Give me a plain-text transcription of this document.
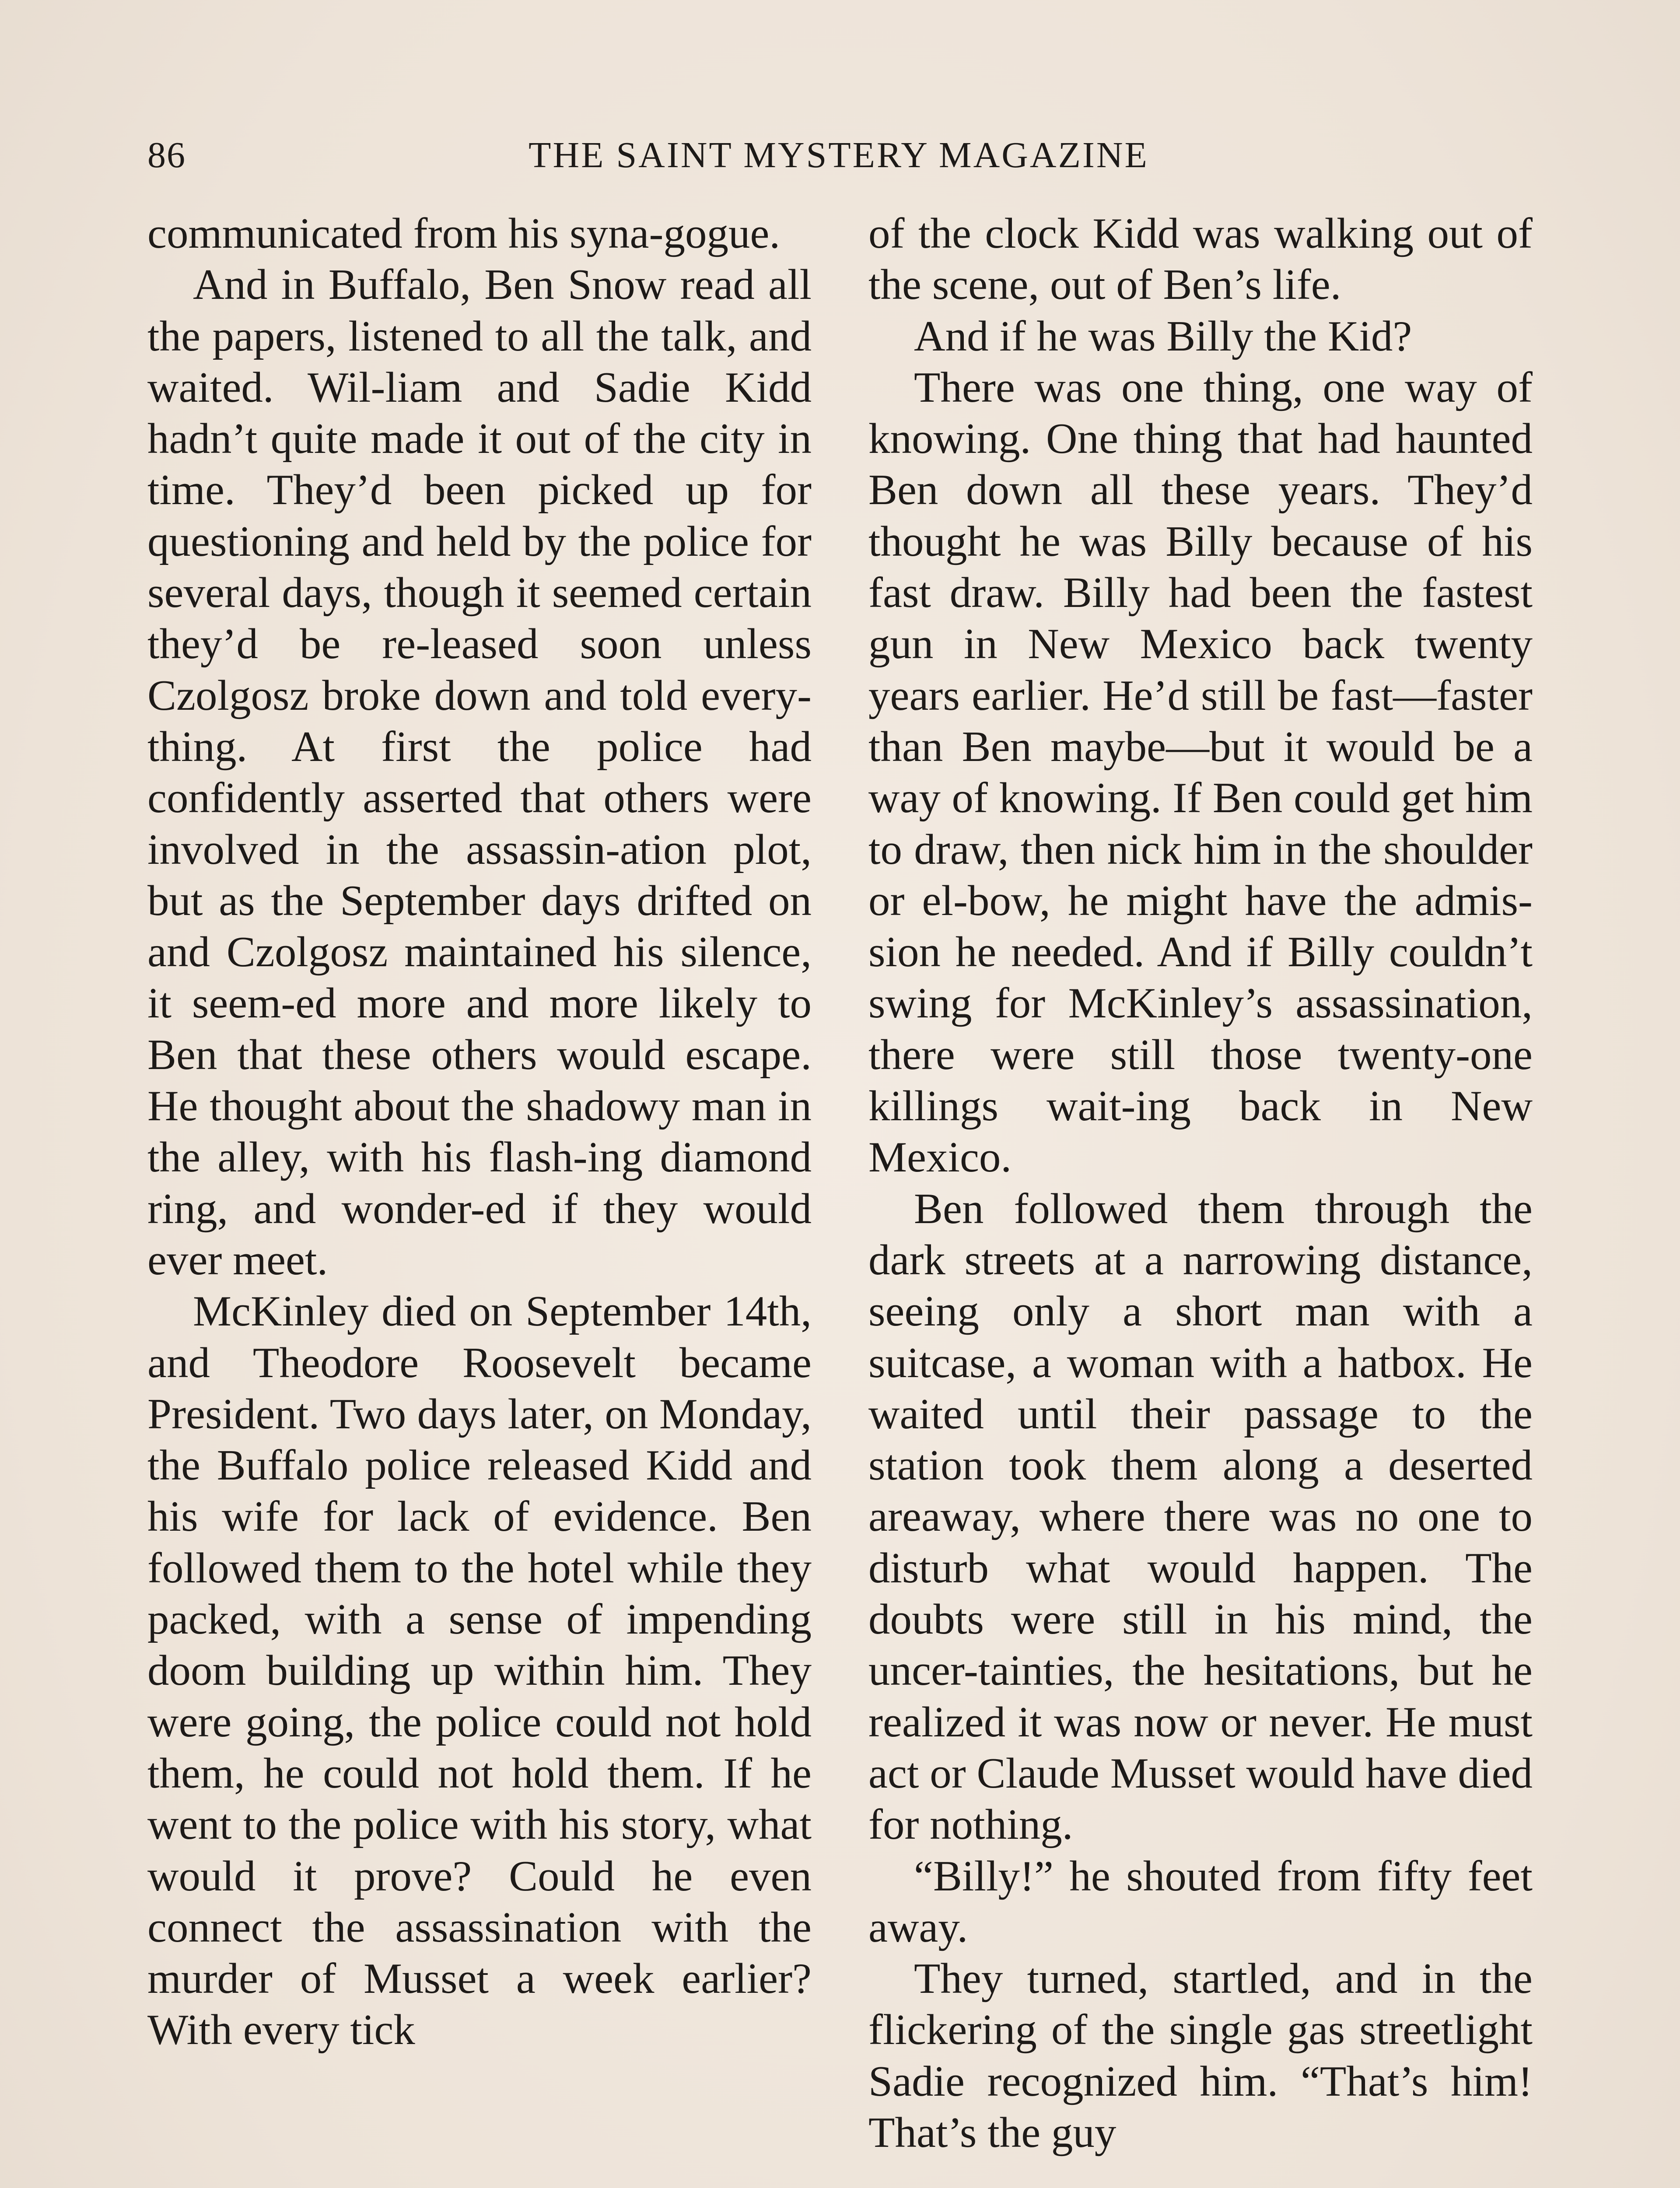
86	THE SAINT MYSTERY MAGAZINE

communicated from his syna-gogue.

And in Buffalo, Ben Snow read all the papers, listened to all the talk, and waited. Wil-liam and Sadie Kidd hadn’t quite made it out of the city in time. They’d been picked up for questioning and held by the police for several days, though it seemed certain they’d be re-leased soon unless Czolgosz broke down and told every-thing. At first the police had confidently asserted that others were involved in the assassin-ation plot, but as the September days drifted on and Czolgosz maintained his silence, it seem-ed more and more likely to Ben that these others would escape. He thought about the shadowy man in the alley, with his flash-ing diamond ring, and wonder-ed if they would ever meet.

McKinley died on September 14th, and Theodore Roosevelt became President. Two days later, on Monday, the Buffalo police released Kidd and his wife for lack of evidence. Ben followed them to the hotel while they packed, with a sense of impending doom building up within him. They were going, the police could not hold them, he could not hold them. If he went to the police with his story, what would it prove? Could he even connect the assassination with the murder of Musset a week earlier? With every tick

of the clock Kidd was walking out of the scene, out of Ben’s life.

And if he was Billy the Kid?

There was one thing, one way of knowing. One thing that had haunted Ben down all these years. They’d thought he was Billy because of his fast draw. Billy had been the fastest gun in New Mexico back twenty years earlier. He’d still be fast—faster than Ben maybe—but it would be a way of knowing. If Ben could get him to draw, then nick him in the shoulder or el-bow, he might have the admis-sion he needed. And if Billy couldn’t swing for McKinley’s assassination, there were still those twenty-one killings wait-ing back in New Mexico.

Ben followed them through the dark streets at a narrowing distance, seeing only a short man with a suitcase, a woman with a hatbox. He waited until their passage to the station took them along a deserted areaway, where there was no one to disturb what would happen. The doubts were still in his mind, the uncer-tainties, the hesitations, but he realized it was now or never. He must act or Claude Musset would have died for nothing.

“Billy!” he shouted from fifty feet away.

They turned, startled, and in the flickering of the single gas streetlight Sadie recognized him. “That’s him! That’s the guy
